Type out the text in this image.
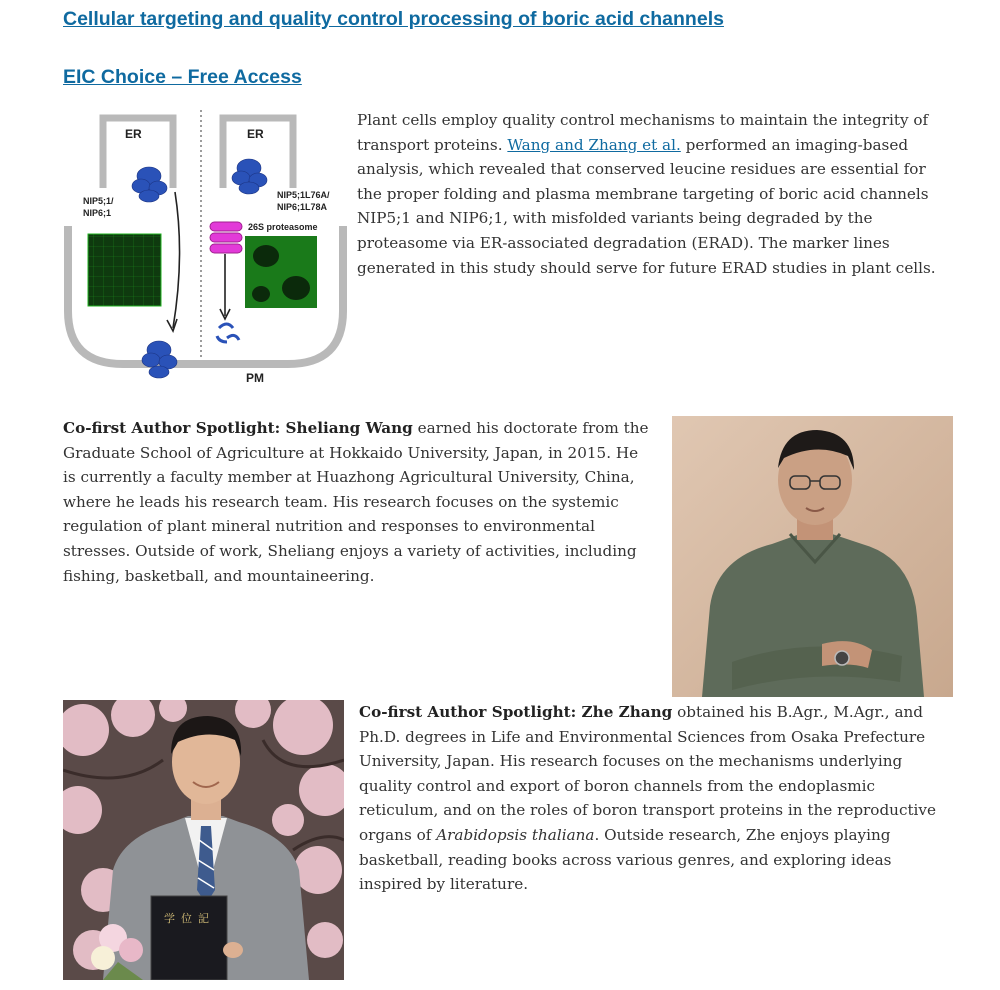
Cellular targeting and quality control processing of boric acid channels
EIC Choice – Free Access
ER	ER
NIP5;1/
NIP6;1
NIP5;1L76A/
NIP6;1L78A
26S proteasome
PM

Plant cells employ quality control mechanisms to maintain the integrity of transport proteins. Wang and Zhang et al. performed an imaging-based analysis, which revealed that conserved leucine residues are essential for the proper folding and plasma membrane targeting of boric acid channels NIP5;1 and NIP6;1, with misfolded variants being degraded by the proteasome via ER-associated degradation (ERAD). The marker lines generated in this study should serve for future ERAD studies in plant cells.

Co-first Author Spotlight: Sheliang Wang earned his doctorate from the Graduate School of Agriculture at Hokkaido University, Japan, in 2015. He is currently a faculty member at Huazhong Agricultural University, China, where he leads his research team. His research focuses on the systemic regulation of plant mineral nutrition and responses to environmental stresses. Outside of work, Sheliang enjoys a variety of activities, including fishing, basketball, and mountaineering.

学位記

Co-first Author Spotlight: Zhe Zhang obtained his B.Agr., M.Agr., and Ph.D. degrees in Life and Environmental Sciences from Osaka Prefecture University, Japan. His research focuses on the mechanisms underlying quality control and export of boron channels from the endoplasmic reticulum, and on the roles of boron transport proteins in the reproductive organs of Arabidopsis thaliana. Outside research, Zhe enjoys playing basketball, reading books across various genres, and exploring ideas inspired by literature.
